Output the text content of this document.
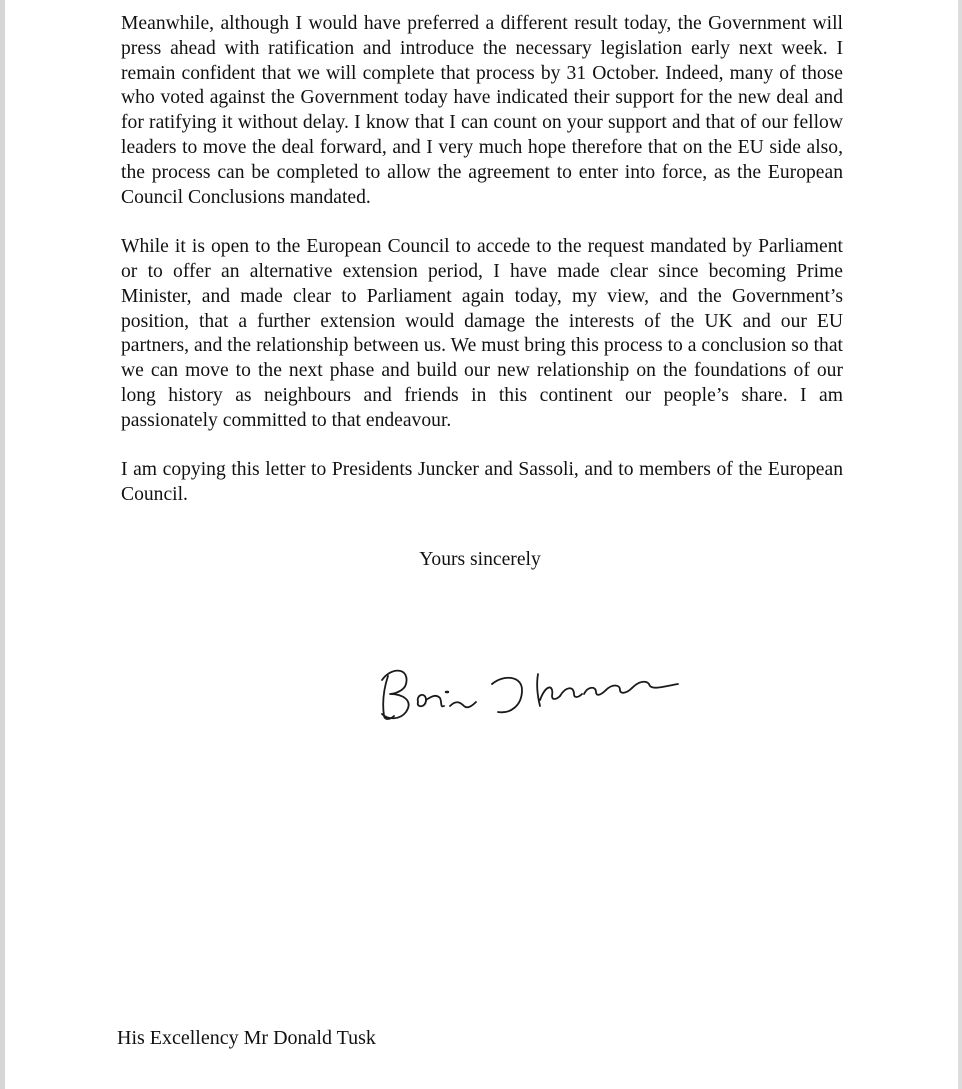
Meanwhile, although I would have preferred a different result today, the Government will press ahead with ratification and introduce the necessary legislation early next week. I remain confident that we will complete that process by 31 October. Indeed, many of those who voted against the Government today have indicated their support for the new deal and for ratifying it without delay. I know that I can count on your support and that of our fellow leaders to move the deal forward, and I very much hope therefore that on the EU side also, the process can be completed to allow the agreement to enter into force, as the European Council Conclusions mandated.

While it is open to the European Council to accede to the request mandated by Parliament or to offer an alternative extension period, I have made clear since becoming Prime Minister, and made clear to Parliament again today, my view, and the Government’s position, that a further extension would damage the interests of the UK and our EU partners, and the relationship between us. We must bring this process to a conclusion so that we can move to the next phase and build our new relationship on the foundations of our long history as neighbours and friends in this continent our people’s share. I am passionately committed to that endeavour.

I am copying this letter to Presidents Juncker and Sassoli, and to members of the European Council.

Yours sincerely
His Excellency Mr Donald Tusk
